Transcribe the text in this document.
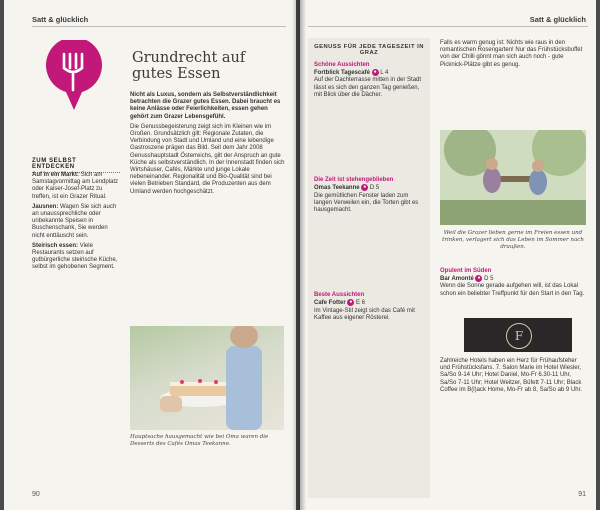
Satt & glücklich
Grundrecht auf gutes Essen

Nicht als Luxus, sondern als Selbstverständlichkeit betrachten die Grazer gutes Essen. Dabei braucht es keine Anlässe oder Feierlichkeiten, essen gehen gehört zum Grazer Lebensgefühl.

Die Genussbegeisterung zeigt sich im Kleinen wie im Großen. Grundsätzlich gilt: Regionale Zutaten, die Verbindung von Stadt und Umland und eine lebendige Gastroszene prägen das Bild. Seit dem Jahr 2008 Genusshauptstadt Österreichs, gilt der Anspruch an gute Küche als selbstverständlich. In der Innenstadt finden sich Wirtshäuser, Cafés, Märkte und junge Lokale nebeneinander. Regionalität und Bio-Qualität sind bei vielen Betrieben Standard, die Produzenten aus dem Umland werden hochgeschätzt.

ZUM SELBST ENTDECKEN

Auf in ein Markt: Sich am Samstagvormittag am Lendplatz oder Kaiser-Josef-Platz zu treffen, ist ein Grazer Ritual.

Jausnen: Wagen Sie sich auch an unaussprechliche oder unbekannte Speisen in Buschenschank, Sie werden nicht enttäuscht sein.

Steirisch essen: Viele Restaurants setzen auf gutbürgerliche steirische Küche, selbst im gehobenen Segment.

Hauptsache hausgemacht wie bei Oma waren die Desserts des Cafés Omas Teekanne.
90
Satt & glücklich
GENUSS FÜR JEDE TAGESZEIT IN GRAZ
Schöne Aussichten
Fortblick Tagescafé ● L 4

Auf der Dachterrasse mitten in der Stadt lässt es sich den ganzen Tag genießen, mit Blick über die Dächer.

Die Zeit ist stehengeblieben
Omas Teekanne ● D 5

Die gemütlichen Fenster laden zum langen Verweilen ein, die Torten gibt es hausgemacht.

Beste Aussichten
Cafe Fotter ● E 6

Im Vintage-Stil zeigt sich das Café mit Kaffee aus eigener Rösterei.

Falls es warm genug ist: Nichts wie raus in den romantischen Rosengarten! Nur das Frühstücksbuffet von der Chilli gönnt man sich auch noch - gute Picknick-Plätze gibt es genug.
Weil die Grazer lieben gerne im Freien essen und trinken, verlagert sich das Leben im Sommer nach draußen.
Opulent im Süden
Bar Amonté ● D 5

Wenn die Sonne gerade aufgehen will, ist das Lokal schon ein beliebter Treffpunkt für den Start in den Tag.

F
Zahlreiche Hotels haben ein Herz für Frühaufsteher und Frühstücksfans. 7. Salon Marie im Hotel Wiesler, Sa/So 9-14 Uhr; Hotel Daniel, Mo-Fr 6.30-11 Uhr, Sa/So 7-11 Uhr; Hotel Weitzer, Büfett 7-11 Uhr; Black Coffee im B(l)ack Home, Mo-Fr ab 8, Sa/So ab 9 Uhr.
91
